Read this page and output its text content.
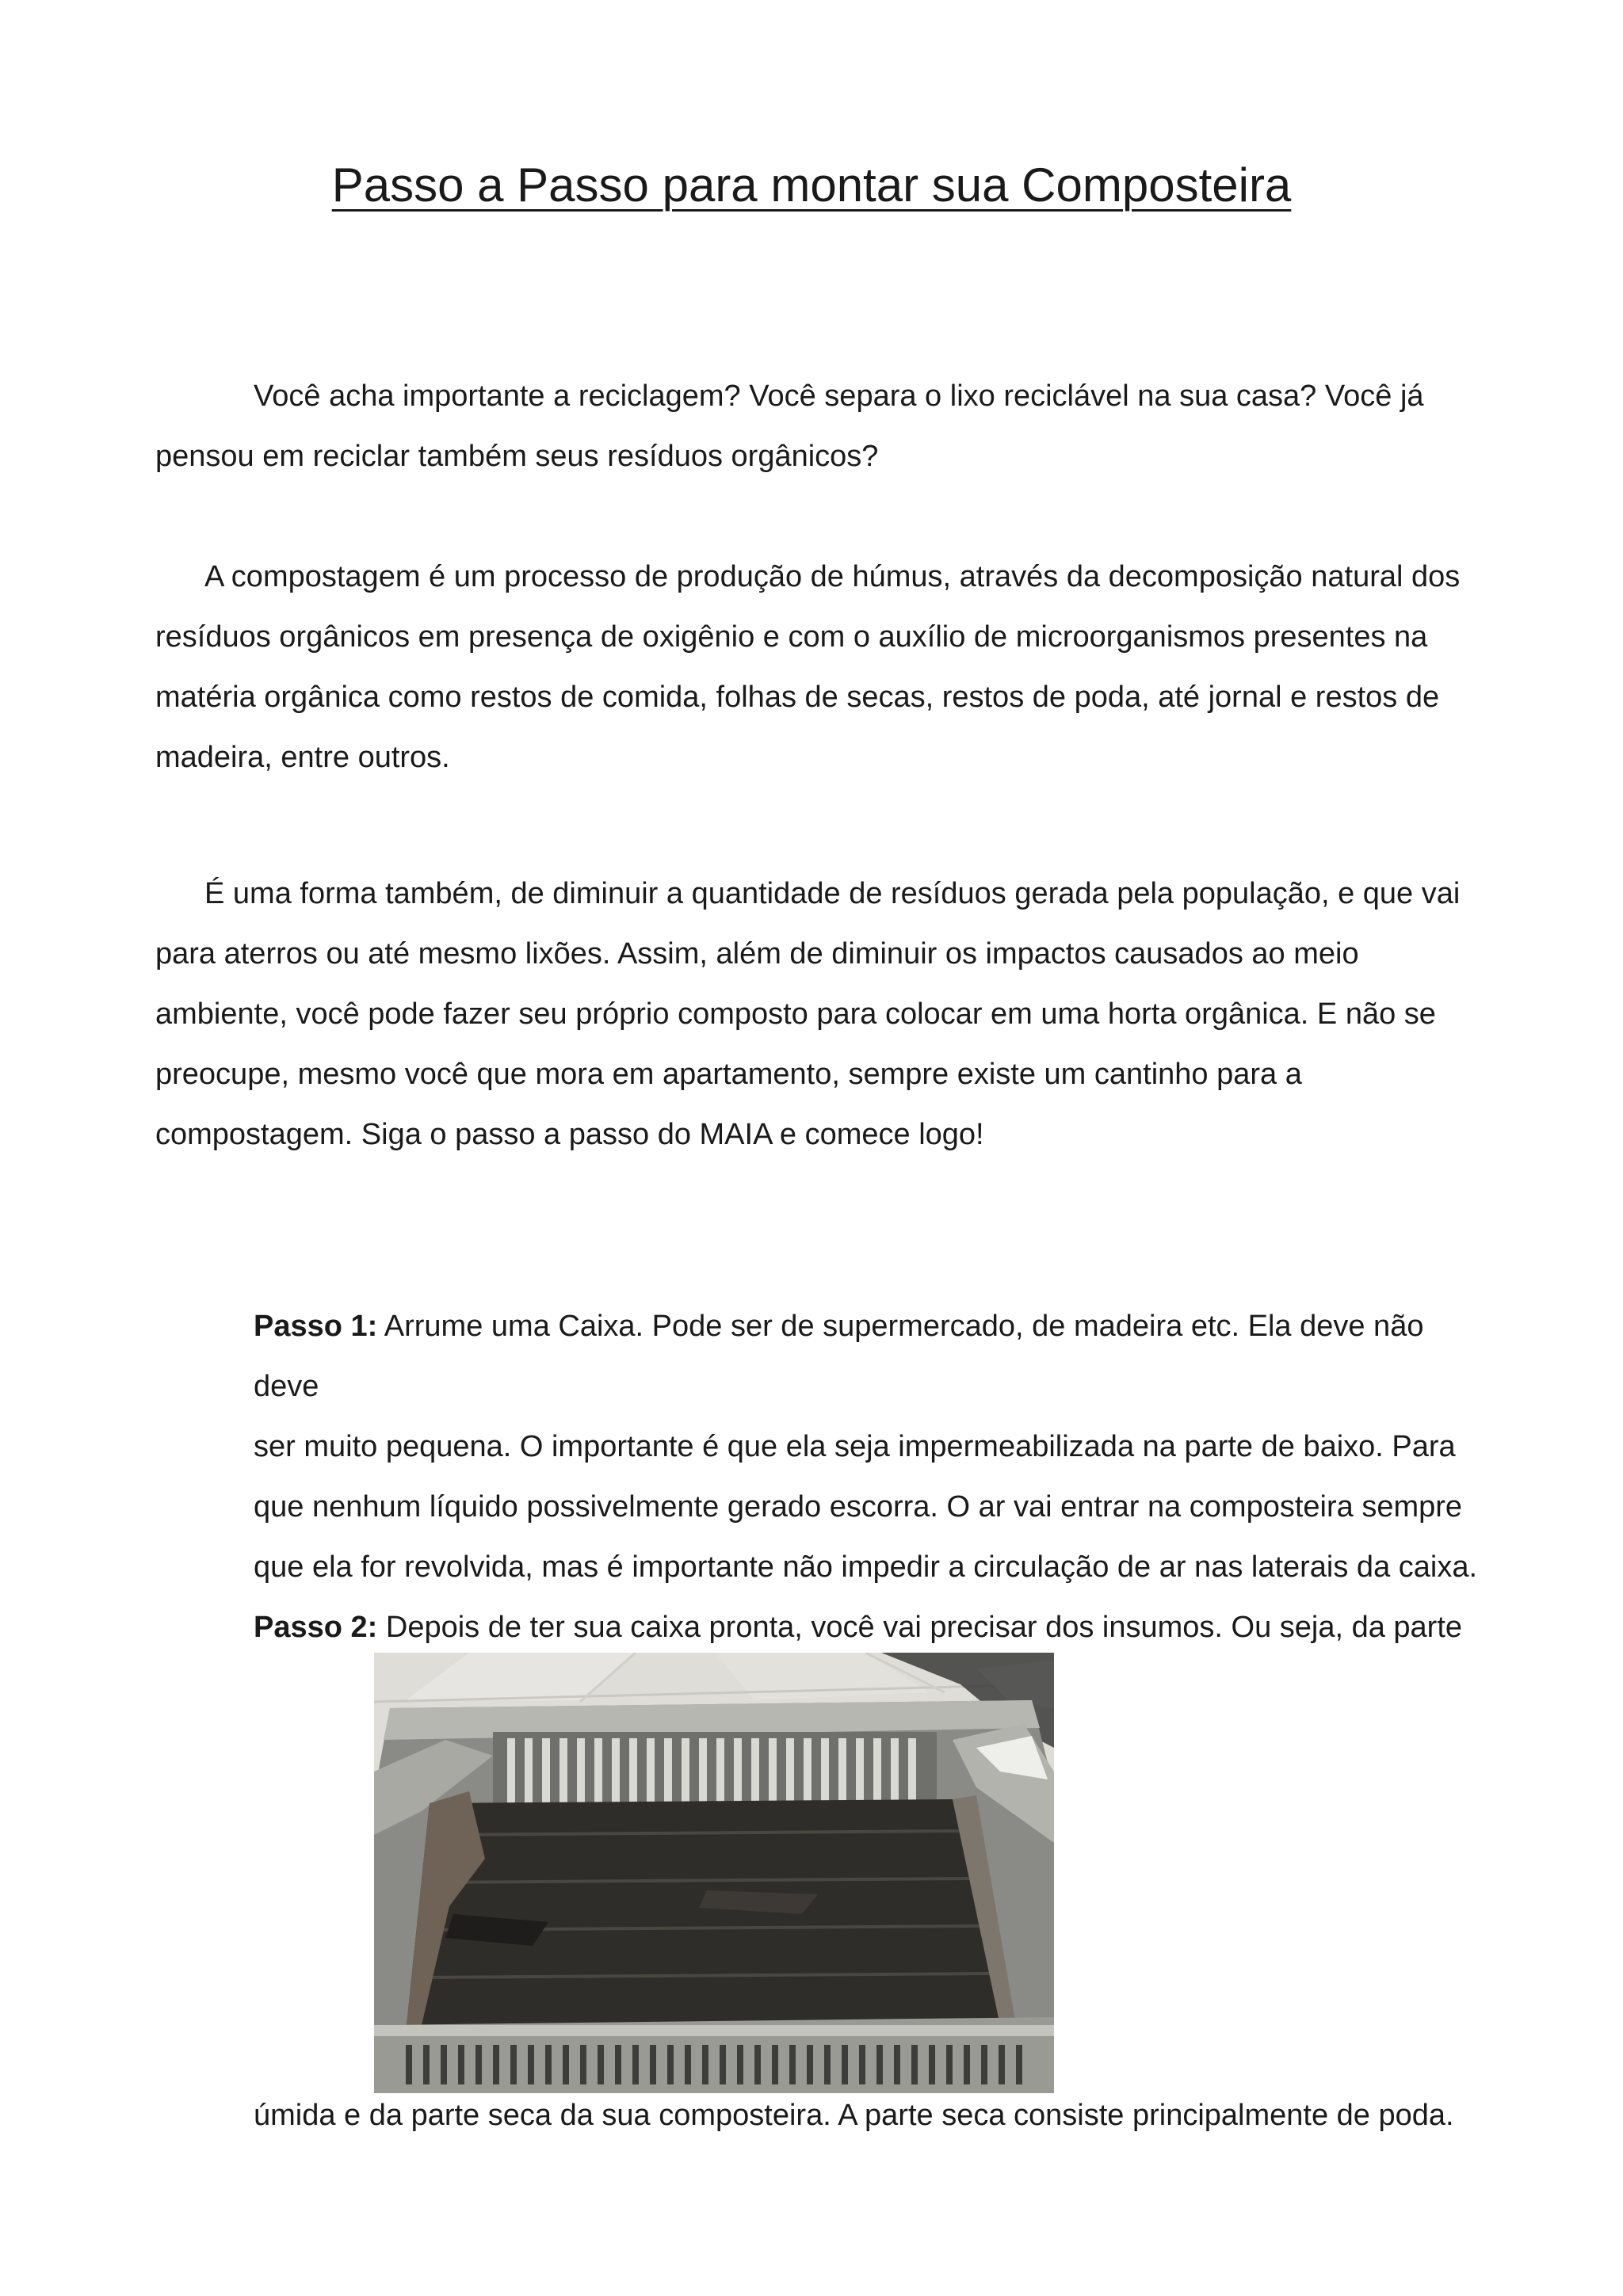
Passo a Passo para montar sua Composteira

Você acha importante a reciclagem? Você separa o lixo reciclável na sua casa? Você já
pensou em reciclar também seus resíduos orgânicos?

A compostagem é um processo de produção de húmus, através da decomposição natural dos
resíduos orgânicos em presença de oxigênio e com o auxílio de microorganismos presentes na
matéria orgânica como restos de comida, folhas de secas, restos de poda, até jornal e restos de
madeira, entre outros.

É uma forma também, de diminuir a quantidade de resíduos gerada pela população, e que vai
para aterros ou até mesmo lixões. Assim, além de diminuir os impactos causados ao meio
ambiente, você pode fazer seu próprio composto para colocar em uma horta orgânica. E não se
preocupe, mesmo você que mora em apartamento, sempre existe um cantinho para a
compostagem. Siga o passo a passo do MAIA e comece logo!

Passo 1: Arrume uma Caixa. Pode ser de supermercado, de madeira etc. Ela deve não deve
ser muito pequena. O importante é que ela seja impermeabilizada na parte de baixo. Para
que nenhum líquido possivelmente gerado escorra. O ar vai entrar na composteira sempre
que ela for revolvida, mas é importante não impedir a circulação de ar nas laterais da caixa.

Passo 2: Depois de ter sua caixa pronta, você vai precisar dos insumos. Ou seja, da parte

úmida e da parte seca da sua composteira. A parte seca consiste principalmente de poda.
